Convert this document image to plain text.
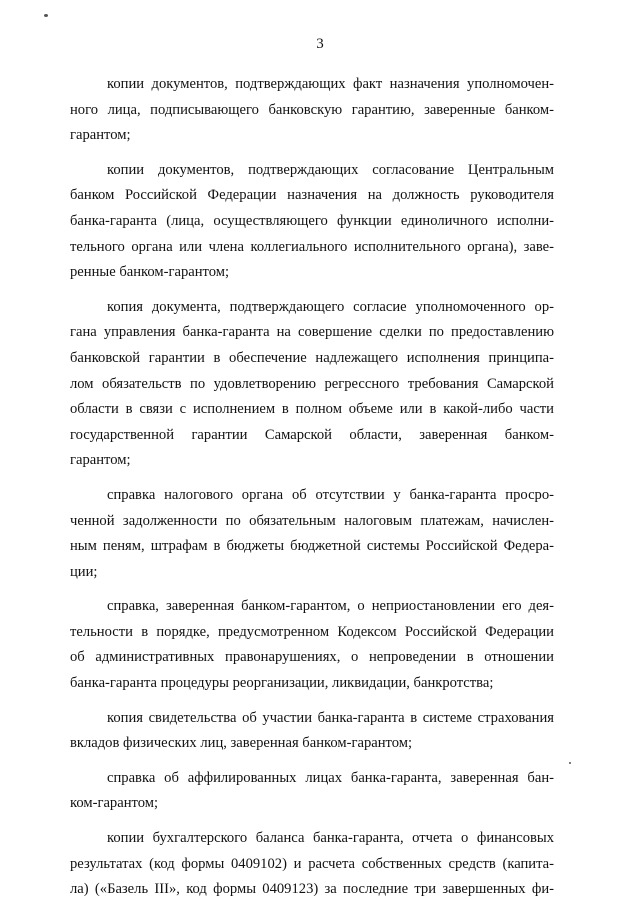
3

копии документов, подтверждающих факт назначения уполномочен-
ного лица, подписывающего банковскую гарантию, заверенные банком-
гарантом;

копии документов, подтверждающих согласование Центральным
банком Российской Федерации назначения на должность руководителя
банка-гаранта (лица, осуществляющего функции единоличного исполни-
тельного органа или члена коллегиального исполнительного органа), заве-
ренные банком-гарантом;

копия документа, подтверждающего согласие уполномоченного ор-
гана управления банка-гаранта на совершение сделки по предоставлению
банковской гарантии в обеспечение надлежащего исполнения принципа-
лом обязательств по удовлетворению регрессного требования Самарской
области в связи с исполнением в полном объеме или в какой-либо части
государственной гарантии Самарской области, заверенная банком-
гарантом;

справка налогового органа об отсутствии у банка-гаранта просро-
ченной задолженности по обязательным налоговым платежам, начислен-
ным пеням, штрафам в бюджеты бюджетной системы Российской Федера-
ции;

справка, заверенная банком-гарантом, о неприостановлении его дея-
тельности в порядке, предусмотренном Кодексом Российской Федерации
об административных правонарушениях, о непроведении в отношении
банка-гаранта процедуры реорганизации, ликвидации, банкротства;

копия свидетельства об участии банка-гаранта в системе страхования
вкладов физических лиц, заверенная банком-гарантом;

справка об аффилированных лицах банка-гаранта, заверенная бан-
ком-гарантом;

копии бухгалтерского баланса банка-гаранта, отчета о финансовых
результатах (код формы 0409102) и расчета собственных средств (капита-
ла) («Базель III», код формы 0409123) за последние три завершенных фи-
